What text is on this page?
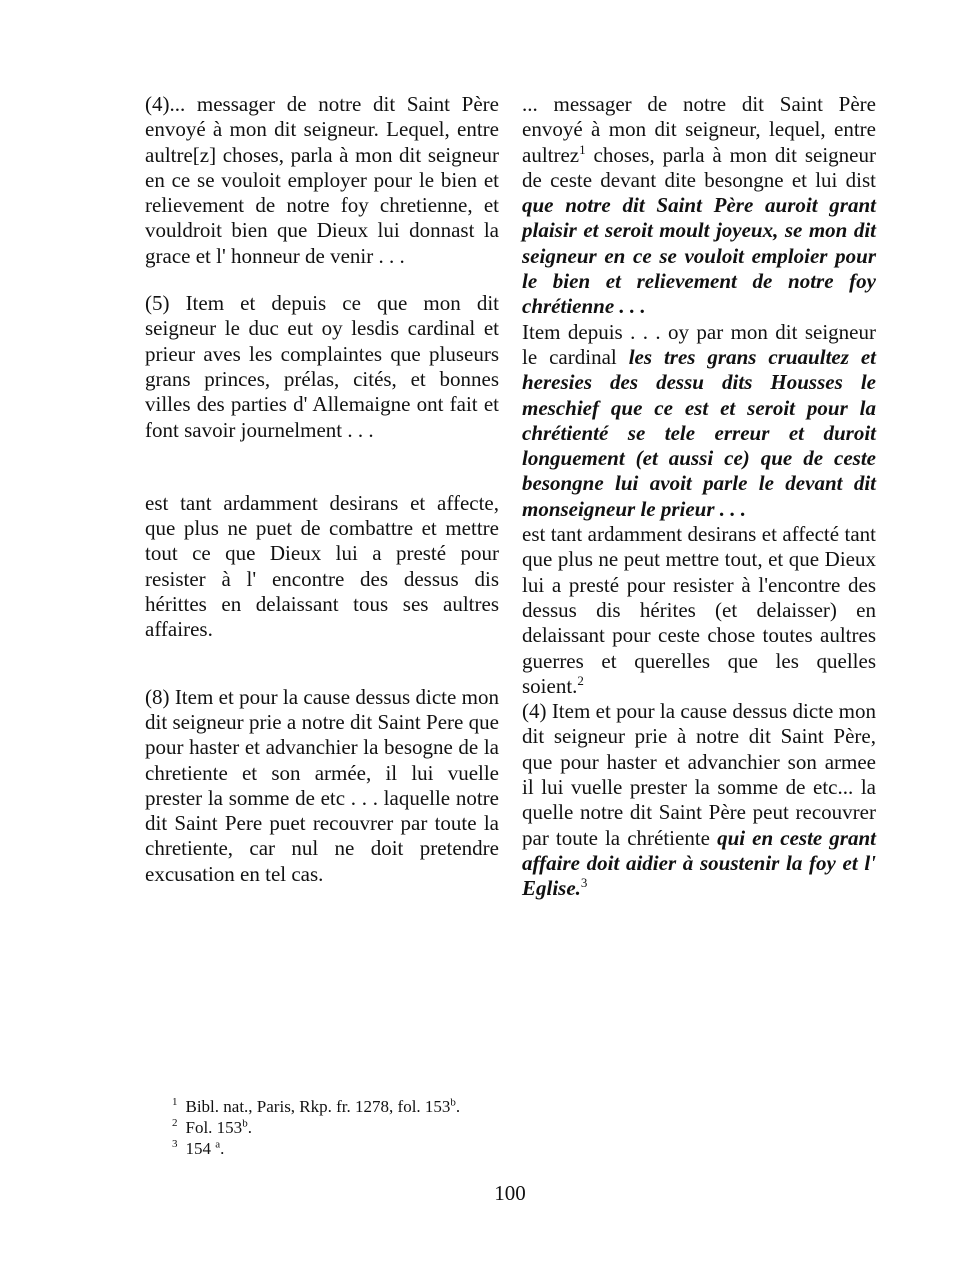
(4)... messager de notre dit Saint Père envoyé à mon dit seigneur. Lequel, entre aultre[z] choses, parla à mon dit seigneur en ce se vouloit employer pour le bien et relievement de notre foy chretienne, et vouldroit bien que Dieux lui donnast la grace et l' honneur de venir . . .

(5) Item et depuis ce que mon dit seigneur le duc eut oy lesdis cardinal et prieur aves les complaintes que pluseurs grans princes, prélas, cités, et bonnes villes des parties d' Allemaigne ont fait et font savoir journelment . . .

est tant ardamment desirans et affecte, que plus ne puet de combattre et mettre tout ce que Dieux lui a presté pour resister à l' encontre des dessus dis hérittes en delaissant tous ses aultres affaires.

(8) Item et pour la cause dessus dicte mon dit seigneur prie a notre dit Saint Pere que pour haster et advanchier la besogne de la chretiente et son armée, il lui vuelle prester la somme de etc . . . laquelle notre dit Saint Pere puet recouvrer par toute la chretiente, car nul ne doit pretendre excusation en tel cas.

... messager de notre dit Saint Père envoyé à mon dit seigneur, lequel, entre aultrez$^1$ choses, parla à mon dit seigneur de ceste devant dite besongne et lui dist que notre dit Saint Père auroit grant plaisir et seroit moult joyeux, se mon dit seigneur en ce se vouloit emploier pour le bien et relievement de notre foy chrétienne . . .

Item depuis . . . oy par mon dit seigneur le cardinal les tres grans cruaultez et heresies des dessu dits Housses le meschief que ce est et seroit pour la chrétienté se tele erreur et duroit longuement (et aussi ce) que de ceste besongne lui avoit parle le devant dit monseigneur le prieur . . .

est tant ardamment desirans et affecté tant que plus ne peut mettre tout, et que Dieux lui a presté pour resister à l'encontre des dessus dis hérites (et delaisser) en delaissant pour ceste chose toutes aultres guerres et querelles que les quelles soient.$^2$

(4) Item et pour la cause dessus dicte mon dit seigneur prie à notre dit Saint Père, que pour haster et advanchier son armee il lui vuelle prester la somme de etc... la quelle notre dit Saint Père peut recouvrer par toute la chrétiente qui en ceste grant affaire doit aidier à soustenir la foy et l' Eglise.$^3$

$^1$ Bibl. nat., Paris, Rkp. fr. 1278, fol. 153$^b$.
$^2$ Fol. 153$^b$.
$^3$ 154 $^a$.
100
